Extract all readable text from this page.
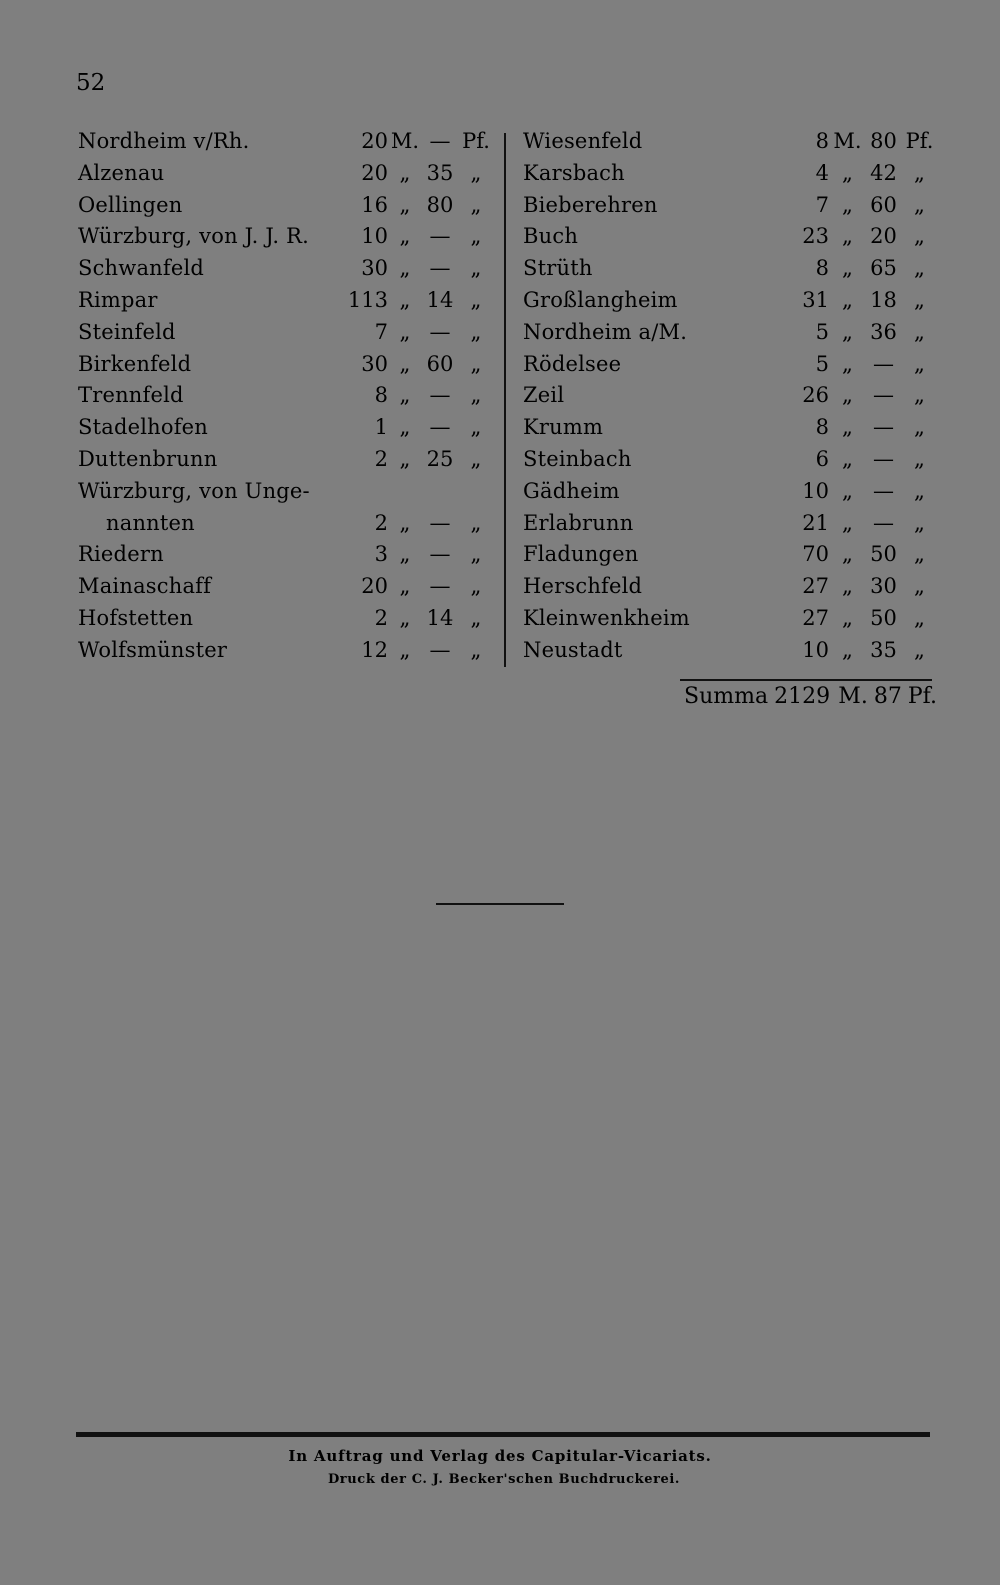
52
Nordheim v/Rh.	20 M. — Pf.
Alzenau	20 „ 35 „
Oellingen	16 „ 80 „
Würzburg, von J. J. R. 10 „ — „
Schwanfeld	30 „ — „
Rimpar	113 „ 14 „
Steinfeld	7 „ — „
Birkenfeld	30 „ 60 „
Trennfeld	8 „ — „
Stadelhofen	1 „ — „
Duttenbrunn	2 „ 25 „
Würzburg, von Unge-
nannten	2 „ — „
Riedern	3 „ — „
Mainaschaff	20 „ — „
Hofstetten	2 „ 14 „
Wolfsmünster	12 „ — „
Wiesenfeld	8 M. 80 Pf.
Karsbach	4 „ 42 „
Bieberehren	7 „ 60 „
Buch	23 „ 20 „
Strüth	8 „ 65 „
Großlangheim	31 „ 18 „
Nordheim a/M.	5 „ 36 „
Rödelsee	5 „ — „
Zeil	26 „ — „
Krumm	8 „ — „
Steinbach	6 „ — „
Gädheim	10 „ — „
Erlabrunn	21 „ — „
Fladungen	70 „ 50 „
Herschfeld	27 „ 30 „
Kleinwenkheim	27 „ 50 „
Neustadt	10 „ 35 „
Summa 2129  M. 87 Pf.
In Auftrag und Verlag des Capitular-Vicariats.
Druck der C. J. Becker'schen Buchdruckerei.
